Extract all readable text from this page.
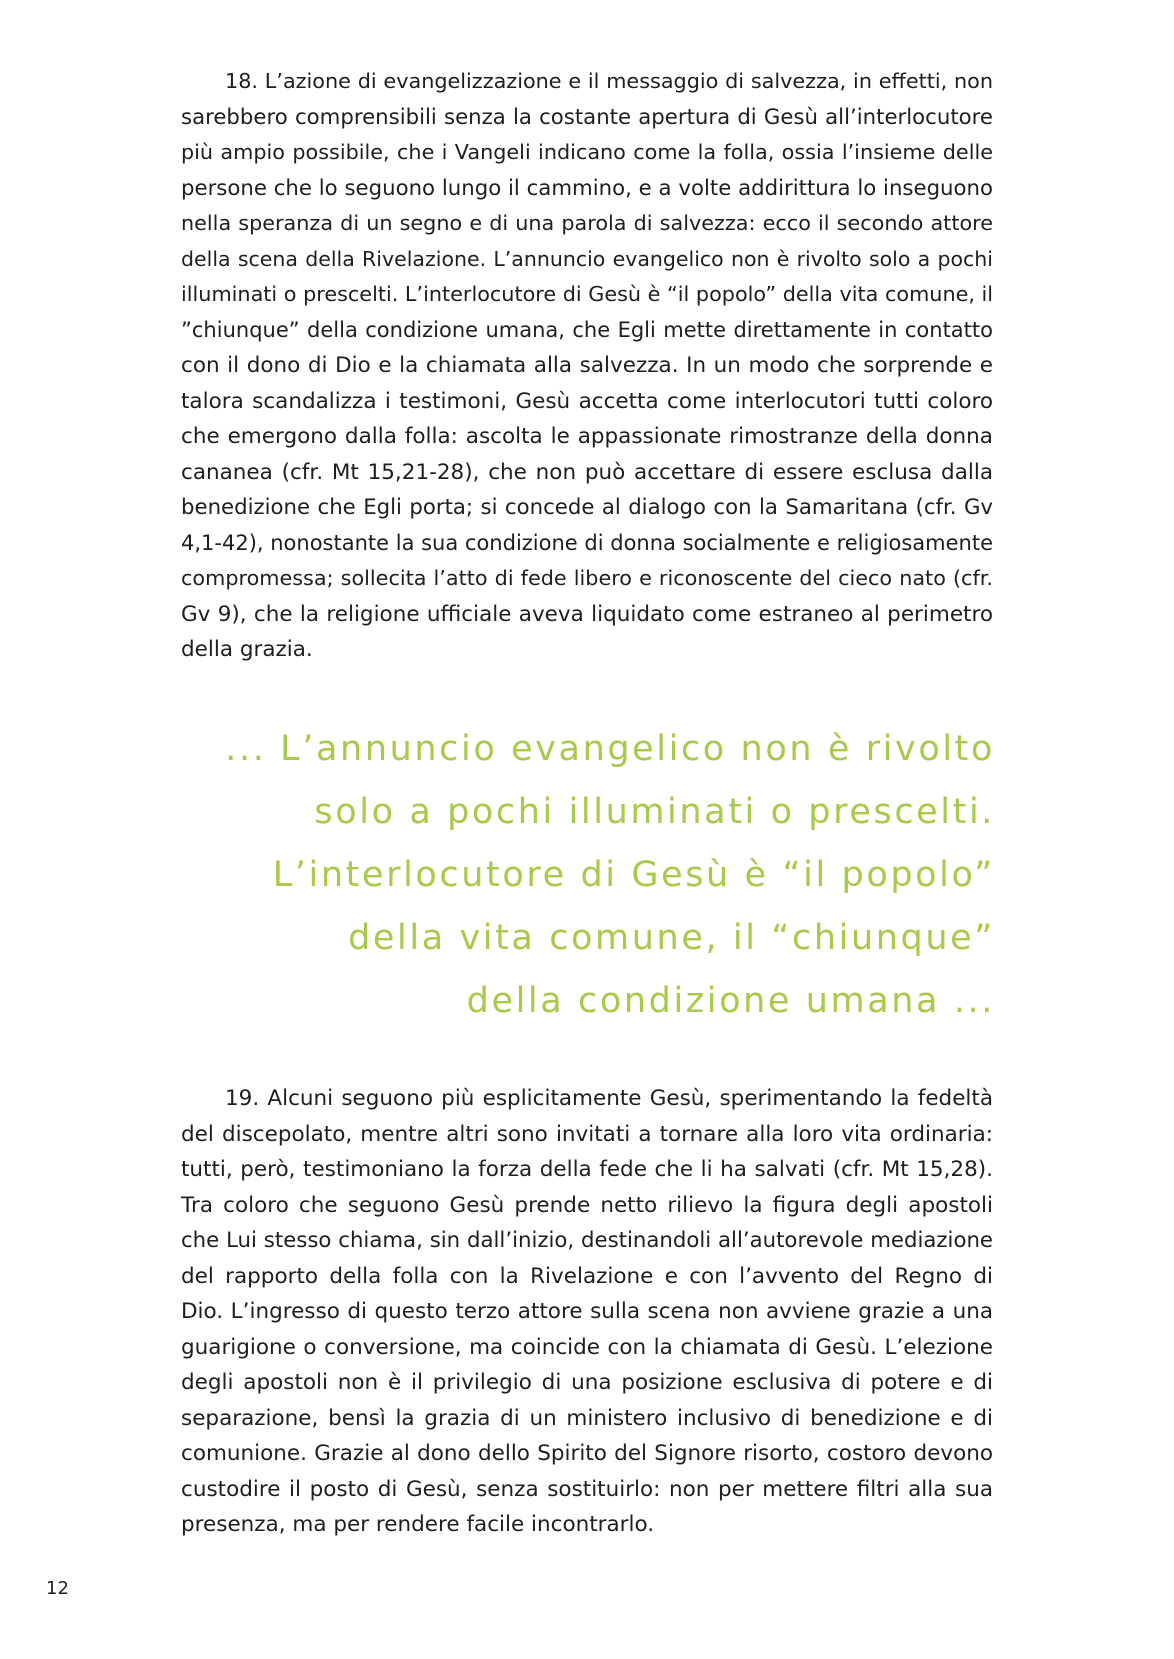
18. L’azione di evangelizzazione e il messaggio di salvezza, in effetti, non
sarebbero comprensibili senza la costante apertura di Gesù all’interlocutore
più ampio possibile, che i Vangeli indicano come la folla, ossia l’insieme delle
persone che lo seguono lungo il cammino, e a volte addirittura lo inseguono
nella speranza di un segno e di una parola di salvezza: ecco il secondo attore
della scena della Rivelazione. L’annuncio evangelico non è rivolto solo a pochi
illuminati o prescelti. L’interlocutore di Gesù è “il popolo” della vita comune, il
”chiunque” della condizione umana, che Egli mette direttamente in contatto
con il dono di Dio e la chiamata alla salvezza. In un modo che sorprende e
talora scandalizza i testimoni, Gesù accetta come interlocutori tutti coloro
che emergono dalla folla: ascolta le appassionate rimostranze della donna
cananea (cfr. Mt 15,21-28), che non può accettare di essere esclusa dalla
benedizione che Egli porta; si concede al dialogo con la Samaritana (cfr. Gv
4,1-42), nonostante la sua condizione di donna socialmente e religiosamente
compromessa; sollecita l’atto di fede libero e riconoscente del cieco nato (cfr.
Gv 9), che la religione ufficiale aveva liquidato come estraneo al perimetro
della grazia.
... L’annuncio evangelico non è rivolto
solo a pochi illuminati o prescelti.
L’interlocutore di Gesù è “il popolo”
della vita comune, il “chiunque”
della condizione umana ...
19. Alcuni seguono più esplicitamente Gesù, sperimentando la fedeltà
del discepolato, mentre altri sono invitati a tornare alla loro vita ordinaria:
tutti, però, testimoniano la forza della fede che li ha salvati (cfr. Mt 15,28).
Tra coloro che seguono Gesù prende netto rilievo la figura degli apostoli
che Lui stesso chiama, sin dall’inizio, destinandoli all’autorevole mediazione
del rapporto della folla con la Rivelazione e con l’avvento del Regno di
Dio. L’ingresso di questo terzo attore sulla scena non avviene grazie a una
guarigione o conversione, ma coincide con la chiamata di Gesù. L’elezione
degli apostoli non è il privilegio di una posizione esclusiva di potere e di
separazione, bensì la grazia di un ministero inclusivo di benedizione e di
comunione. Grazie al dono dello Spirito del Signore risorto, costoro devono
custodire il posto di Gesù, senza sostituirlo: non per mettere filtri alla sua
presenza, ma per rendere facile incontrarlo.
12
